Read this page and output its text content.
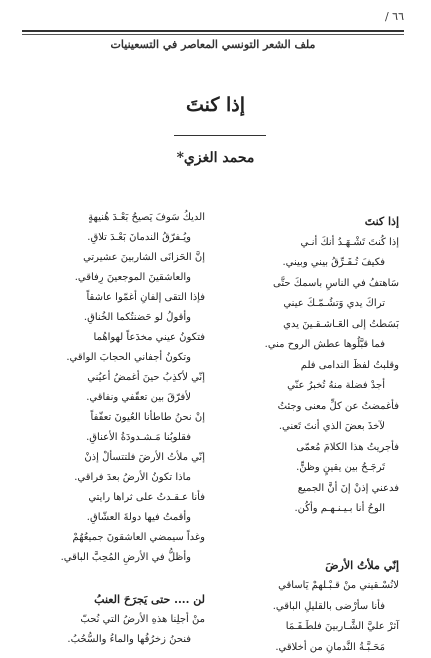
٦٦ /
ملف الشعر التونسي المعاصر في التسعينيات
إذا كنتَ
محمد الغزي*
إذا كنتَ
إذا كُنتَ تَشْـهَـدُ أنكَ أنـي
فكيفَ تُـفَـرِّقُ بيني وبيني.
سَاهتفُ في الناسِ باسمكَ حتَّى
تراكَ يدي وَتشُـمّـكَ عيني
بَسَطتُ إلى العَـاشـقـينَ يدي
فما قبَّلُوها عطش الروح مني.
وقلبتُ لفظَ الندامى فلم
أجدْ فضلة منهُ تُخبرُ عنّي
فأغمضتُ عن كلِّ معنى وجئتُ
لآخذَ بعضَ الذي أنتَ تَعني.
فأجريتُ هذا الكلامَ مُعمّى
تَرجَـحُ بين يقينٍ وظنٍّ.
فدعني إذنْ إنَ أنَّ الجميع
الوحُ أنا بـيـنـهـم وأكُن.
إنّي ملأتُ الأرضَ
لانُسْـقيني منْ قـبْـلهمْ يَاساقي
فأنا سأرْضى بالقليلِ الباقي.
آثرْ عليَّ الشَّـاربينَ فلطَـفَـمَا
مَحَـبَّـةُ النَّدمانِ من أخلاقي.
الديكُ سَوفَ يَصيحُ بَعْـدَ هُنيهةٍ
ويُـفرّقُ الندمانَ بَعْـدَ تلاقِ.
إنَّ الحَزانَى الشاربينَ عشيرتي
والعاشقينَ الموجعينَ رِفاقي.
فإذا التقى إلفانِ أغمّوا عاشقاً
وأقولُ لو حَضنتُكما الخُناقِ.
فتكونُ عيني مخدَعاً لهواهُما
وتكونُ أجفاني الحجابَ الواقي.
إنّي لأكذِبُ حينَ أغمضُ أعيُني
لأفرّقَ بين تعقّفي ونفاقي.
إنْ نحنُ طاطأنا العُيونَ تعفّفاً
فقلوبُنا مَـشـدودَةُ الأعناقِ.
إنّي ملأتُ الأرضَ فلتتسألْ إذنْ
ماذا تكونُ الأرضُ بعدَ فراقي.
فأنا عـقـدتُ على ثراها رايتي
وأقمتُ فيها دولةَ العشّاقِ.
وغداً سيمضي العاشقونَ جميعُهُمْ
وأظلُّ في الأرضِ المُحِبَّ الباقي.
لن .... حتى يَجرَحَ العنبُ
منْ أجلِنا هذهِ الأرضُ التي نُحبّ
فنحنُ زخرُفُها والماءُ والسُّحُبُ.
